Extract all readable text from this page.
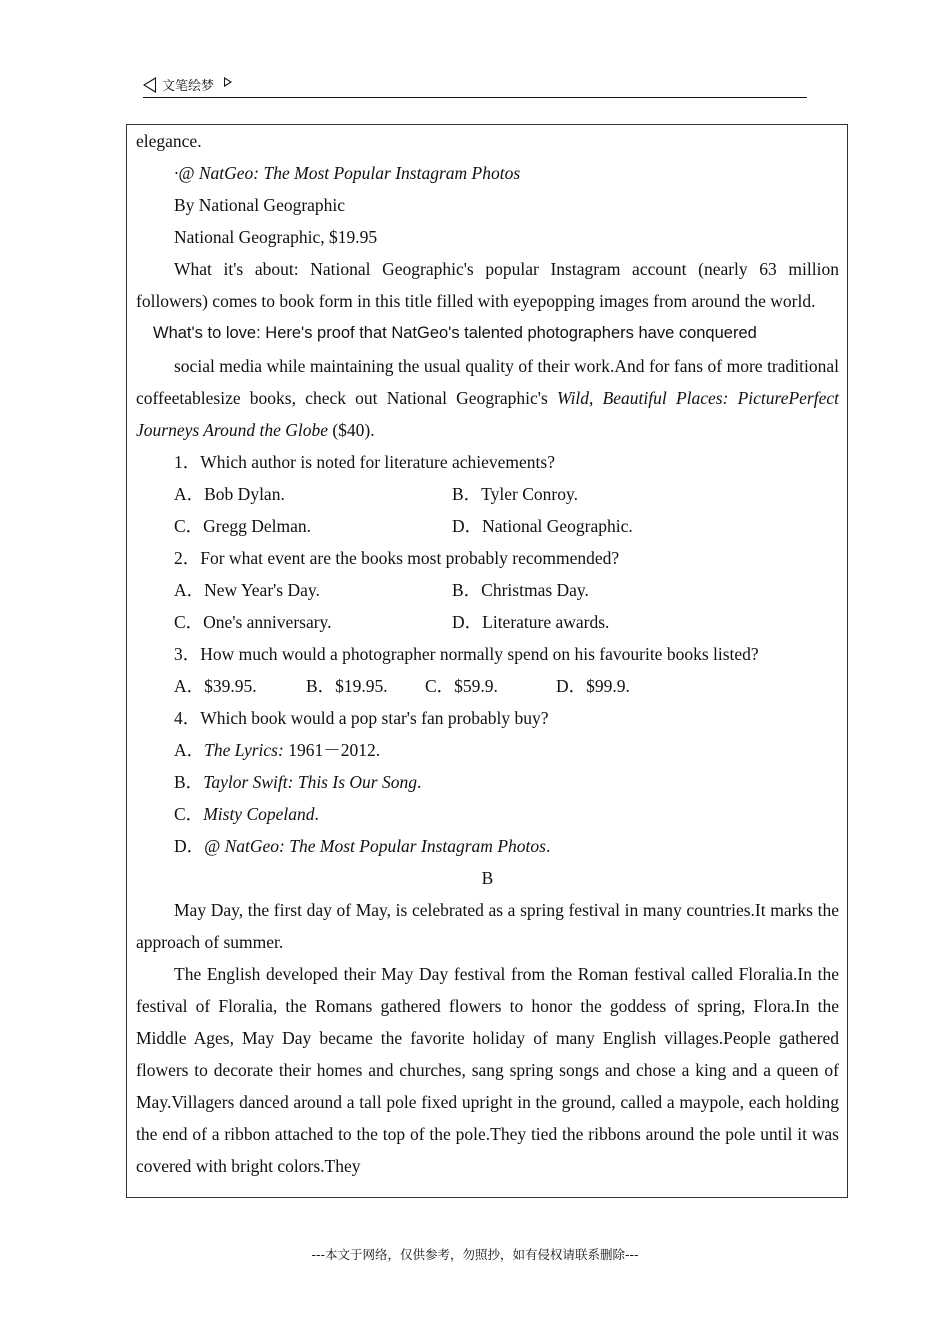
文笔绘梦

elegance.

·@ NatGeo: The Most Popular Instagram Photos

By National Geographic

National Geographic, $19.95

What it's about: National Geographic's popular Instagram account (nearly 63 million followers) comes to book form in this title filled with eyepopping images from around the world.

What's to love: Here's proof that NatGeo's talented photographers have conquered

social media while maintaining the usual quality of their work.And for fans of more traditional coffeetablesize books, check out National Geographic's Wild, Beautiful Places: PicturePerfect Journeys Around the Globe ($40).

1．Which author is noted for literature achievements?

A．Bob Dylan.	B．Tyler Conroy.
C．Gregg Delman.	D．National Geographic.

2．For what event are the books most probably recommended?

A．New Year's Day.	B．Christmas Day.
C．One's anniversary.	D．Literature awards.

3．How much would a photographer normally spend on his favourite books listed?

A．$39.95.	B．$19.95. C．$59.9.	D．$99.9.

4．Which book would a pop star's fan probably buy?

A．The Lyrics: 1961－2012.

B．Taylor Swift: This Is Our Song.

C．Misty Copeland.

D．@ NatGeo: The Most Popular Instagram Photos.

B

May Day, the first day of May, is celebrated as a spring festival in many countries.It marks the approach of summer.

The English developed their May Day festival from the Roman festival called Floralia.In the festival of Floralia, the Romans gathered flowers to honor the goddess of spring, Flora.In the Middle Ages, May Day became the favorite holiday of many English villages.People gathered flowers to decorate their homes and churches, sang spring songs and chose a king and a queen of May.Villagers danced around a tall pole fixed upright in the ground, called a maypole, each holding the end of a ribbon attached to the top of the pole.They tied the ribbons around the pole until it was covered with bright colors.They

---本文于网络，仅供参考，勿照抄，如有侵权请联系删除---
